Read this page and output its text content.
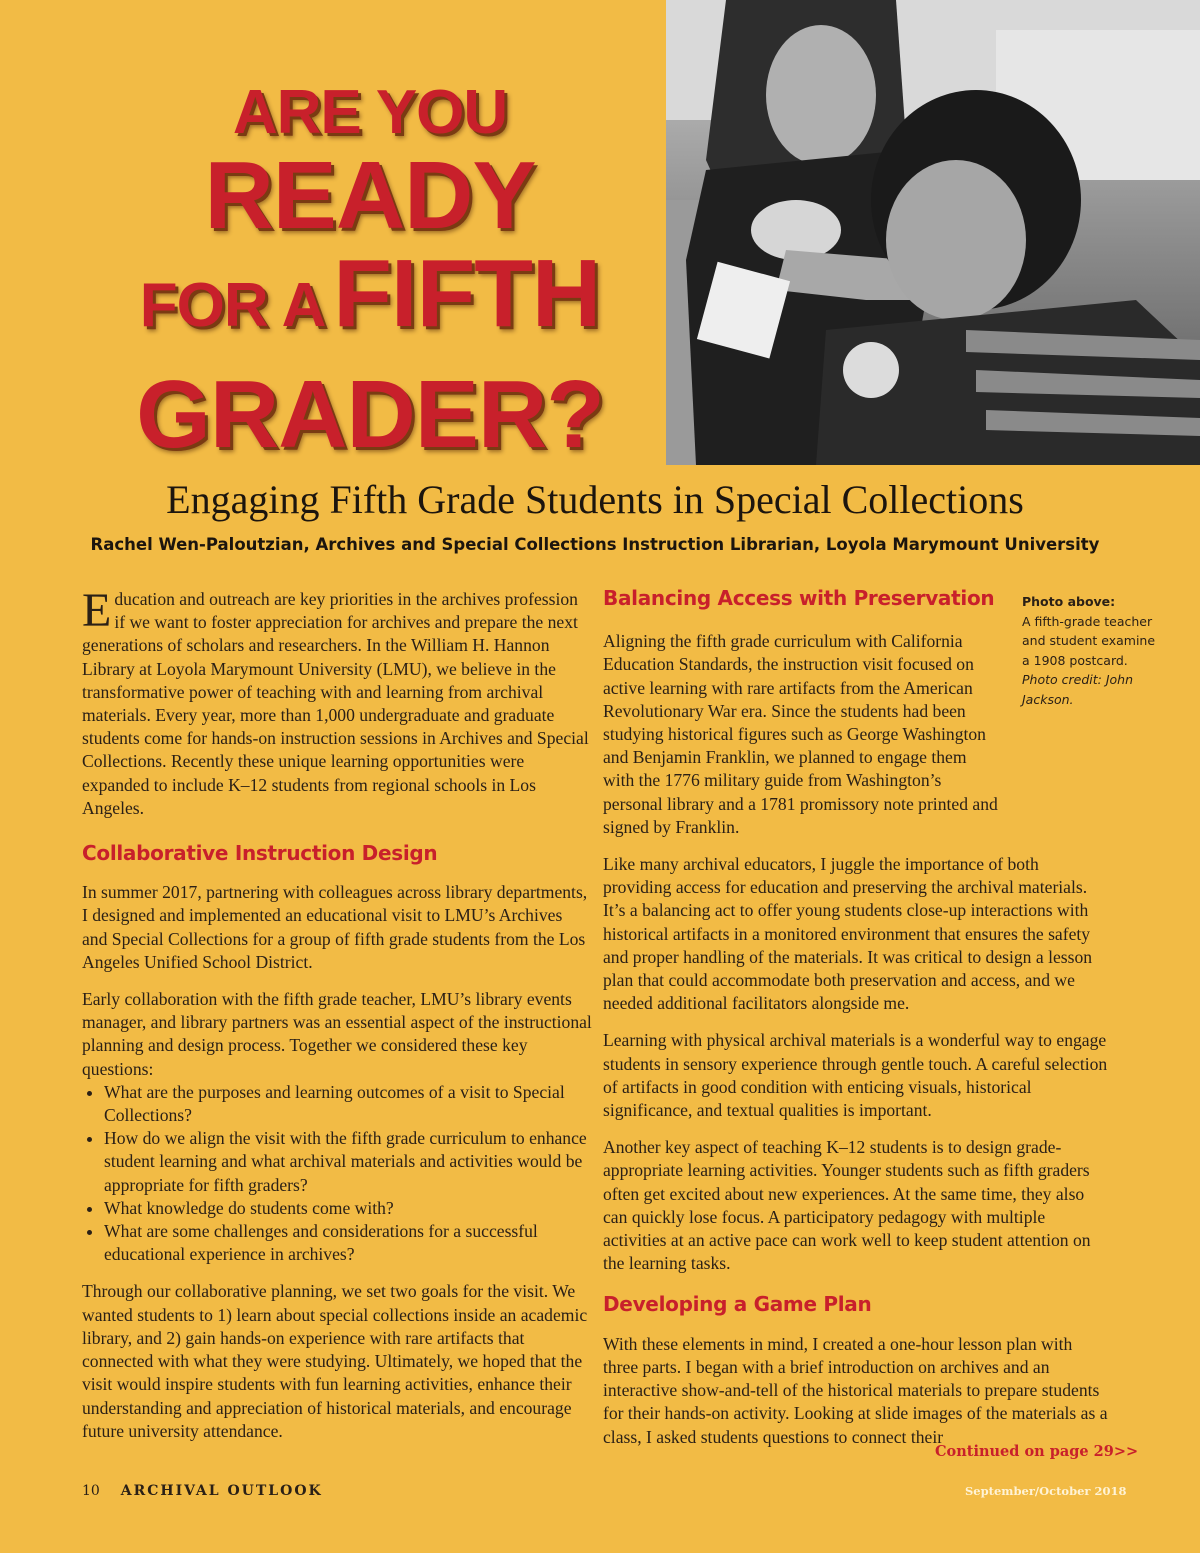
ARE YOU
READY
FOR A FIFTH
GRADER?
Engaging Fifth Grade Students in Special Collections
Rachel Wen-Paloutzian, Archives and Special Collections Instruction Librarian, Loyola Marymount University

Education and outreach are key priorities in the archives profession if we want to foster appreciation for archives and prepare the next generations of scholars and researchers. In the William H. Hannon Library at Loyola Marymount University (LMU), we believe in the transformative power of teaching with and learning from archival materials. Every year, more than 1,000 undergraduate and graduate students come for hands-on instruction sessions in Archives and Special Collections. Recently these unique learning opportunities were expanded to include K–12 students from regional schools in Los Angeles.

Collaborative Instruction Design

In summer 2017, partnering with colleagues across library departments, I designed and implemented an educational visit to LMU’s Archives and Special Collections for a group of fifth grade students from the Los Angeles Unified School District.

Early collaboration with the fifth grade teacher, LMU’s library events manager, and library partners was an essential aspect of the instructional planning and design process. Together we considered these key questions:

• What are the purposes and learning outcomes of a visit to Special Collections?
• How do we align the visit with the fifth grade curriculum to enhance student learning and what archival materials and activities would be appropriate for fifth graders?
• What knowledge do students come with?
• What are some challenges and considerations for a successful educational experience in archives?

Through our collaborative planning, we set two goals for the visit. We wanted students to 1) learn about special collections inside an academic library, and 2) gain hands-on experience with rare artifacts that connected with what they were studying. Ultimately, we hoped that the visit would inspire students with fun learning activities, enhance their understanding and appreciation of historical materials, and encourage future university attendance.

Balancing Access with Preservation

Aligning the fifth grade curriculum with California Education Standards, the instruction visit focused on active learning with rare artifacts from the American Revolutionary War era. Since the students had been studying historical figures such as George Washington and Benjamin Franklin, we planned to engage them with the 1776 military guide from Washington’s personal library and a 1781 promissory note printed and signed by Franklin.

Like many archival educators, I juggle the importance of both providing access for education and preserving the archival materials. It’s a balancing act to offer young students close-up interactions with historical artifacts in a monitored environment that ensures the safety and proper handling of the materials. It was critical to design a lesson plan that could accommodate both preservation and access, and we needed additional facilitators alongside me.

Learning with physical archival materials is a wonderful way to engage students in sensory experience through gentle touch. A careful selection of artifacts in good condition with enticing visuals, historical significance, and textual qualities is important.

Another key aspect of teaching K–12 students is to design grade-appropriate learning activities. Younger students such as fifth graders often get excited about new experiences. At the same time, they also can quickly lose focus. A participatory pedagogy with multiple activities at an active pace can work well to keep student attention on the learning tasks.

Developing a Game Plan

With these elements in mind, I created a one-hour lesson plan with three parts. I began with a brief introduction on archives and an interactive show-and-tell of the historical materials to prepare students for their hands-on activity. Looking at slide images of the materials as a class, I asked students questions to connect their

Photo above:
A fifth-grade teacher and student examine a 1908 postcard. Photo credit: John Jackson.
Continued on page 29>>
10 ARCHIVAL OUTLOOK	September/October 2018
